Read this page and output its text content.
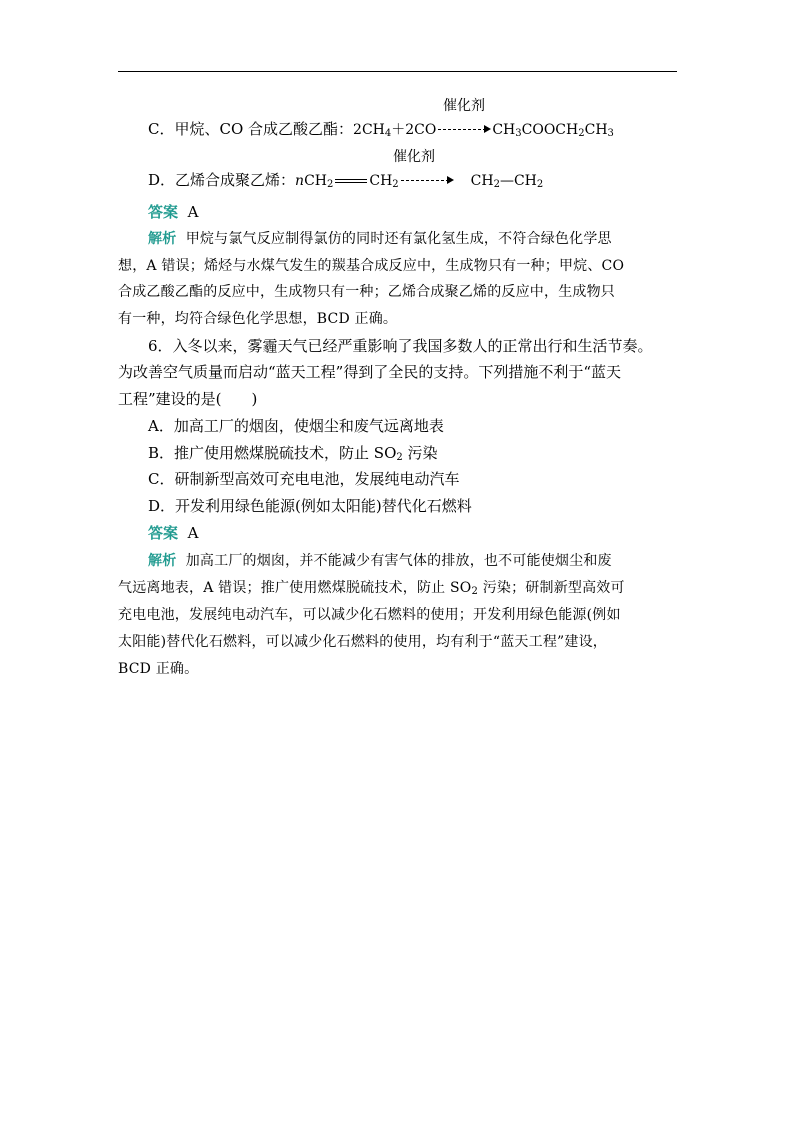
催化剂
C．甲烷、CO 合成乙酸乙酯：$2CH_4+2CO$	$CH_3COOCH_2CH_3$
催化剂
D．乙烯合成聚乙烯：nCH$_2$	$CH_2$	$CH_2—CH_2$
答案 A
解析 甲烷与氯气反应制得氯仿的同时还有氯化氢生成，不符合绿色化学思
想，A 错误；烯烃与水煤气发生的羰基合成反应中，生成物只有一种；甲烷、CO
合成乙酸乙酯的反应中，生成物只有一种；乙烯合成聚乙烯的反应中，生成物只
有一种，均符合绿色化学思想，BCD 正确。
6．入冬以来，雾霾天气已经严重影响了我国多数人的正常出行和生活节奏。
为改善空气质量而启动“蓝天工程”得到了全民的支持。下列措施不利于“蓝天
工程”建设的是(　　)
A．加高工厂的烟囱，使烟尘和废气远离地表
B．推广使用燃煤脱硫技术，防止 $SO_2$ 污染
C．研制新型高效可充电电池，发展纯电动汽车
D．开发利用绿色能源(例如太阳能)替代化石燃料
答案 A
解析 加高工厂的烟囱，并不能减少有害气体的排放，也不可能使烟尘和废
气远离地表，A 错误；推广使用燃煤脱硫技术，防止 $SO_2$ 污染；研制新型高效可
充电电池，发展纯电动汽车，可以减少化石燃料的使用；开发利用绿色能源(例如
太阳能)替代化石燃料，可以减少化石燃料的使用，均有利于“蓝天工程”建设，
BCD 正确。
